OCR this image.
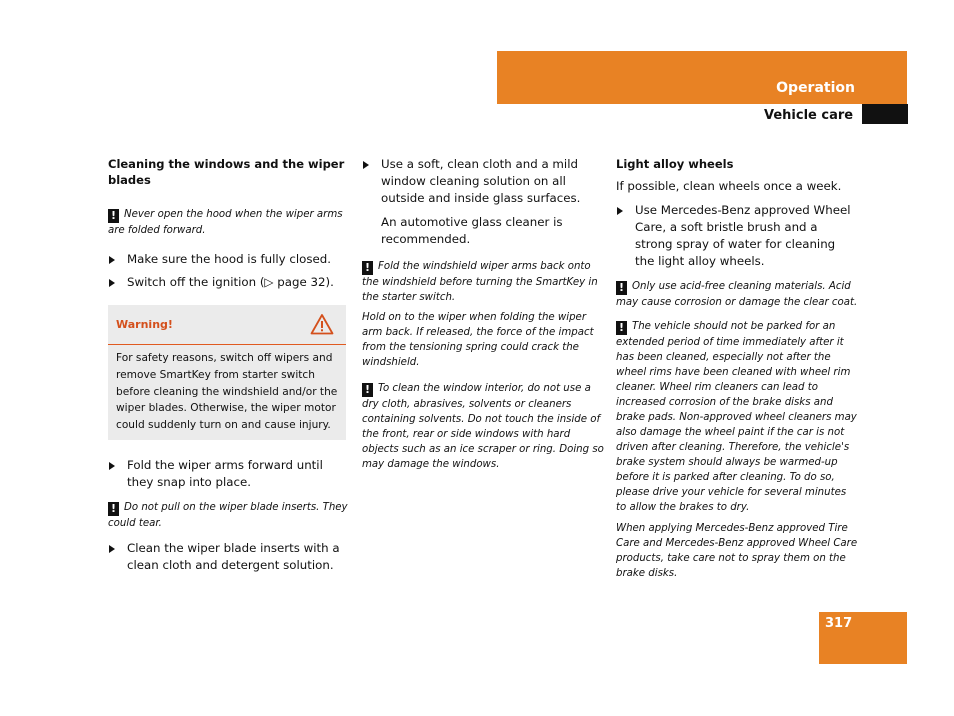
Operation
Vehicle care
Cleaning the windows and the wiper blades
! Never open the hood when the wiper arms are folded forward.
Make sure the hood is fully closed.
Switch off the ignition (▷ page 32).
Warning!
For safety reasons, switch off wipers and remove SmartKey from starter switch before cleaning the windshield and/or the wiper blades. Otherwise, the wiper motor could suddenly turn on and cause injury.
Fold the wiper arms forward until they snap into place.
! Do not pull on the wiper blade inserts. They could tear.
Clean the wiper blade inserts with a clean cloth and detergent solution.
Use a soft, clean cloth and a mild window cleaning solution on all outside and inside glass surfaces.
An automotive glass cleaner is recommended.
! Fold the windshield wiper arms back onto the windshield before turning the SmartKey in the starter switch.
Hold on to the wiper when folding the wiper arm back. If released, the force of the impact from the tensioning spring could crack the windshield.
! To clean the window interior, do not use a dry cloth, abrasives, solvents or cleaners containing solvents. Do not touch the inside of the front, rear or side windows with hard objects such as an ice scraper or ring. Doing so may damage the windows.
Light alloy wheels
If possible, clean wheels once a week.
Use Mercedes-Benz approved Wheel Care, a soft bristle brush and a strong spray of water for cleaning the light alloy wheels.
! Only use acid-free cleaning materials. Acid may cause corrosion or damage the clear coat.
! The vehicle should not be parked for an extended period of time immediately after it has been cleaned, especially not after the wheel rims have been cleaned with wheel rim cleaner. Wheel rim cleaners can lead to increased corrosion of the brake disks and brake pads. Non-approved wheel cleaners may also damage the wheel paint if the car is not driven after cleaning. Therefore, the vehicle's brake system should always be warmed-up before it is parked after cleaning. To do so, please drive your vehicle for several minutes to allow the brakes to dry.
When applying Mercedes-Benz approved Tire Care and Mercedes-Benz approved Wheel Care products, take care not to spray them on the brake disks.
317
